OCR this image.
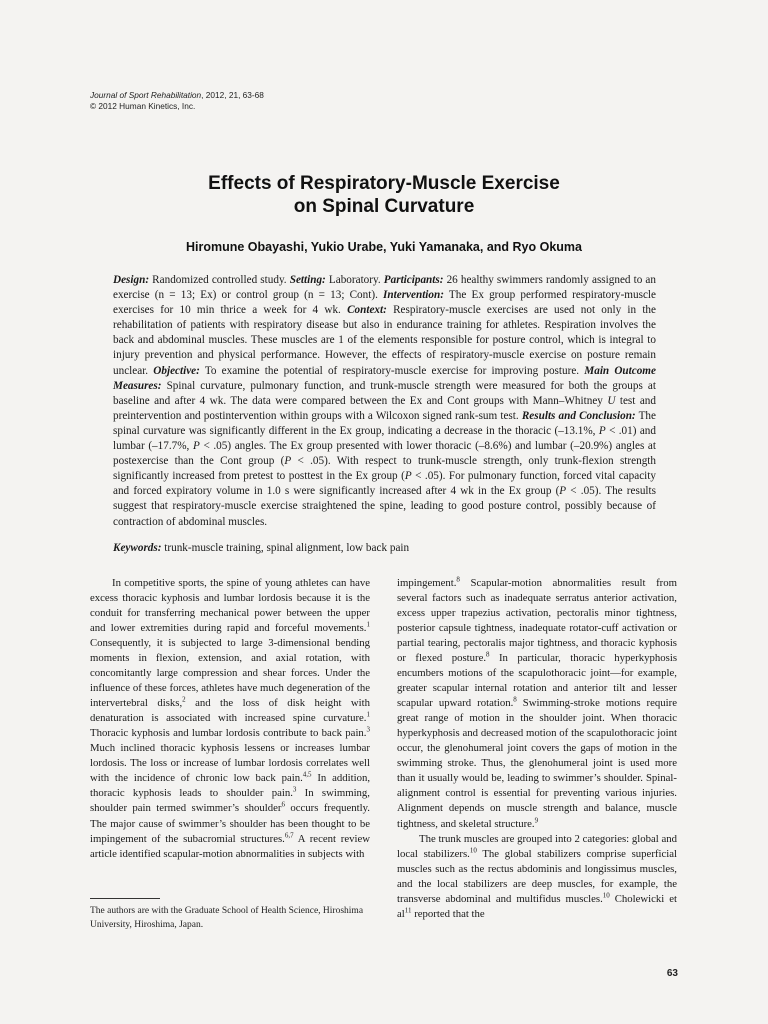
Journal of Sport Rehabilitation, 2012, 21, 63-68
© 2012 Human Kinetics, Inc.
Effects of Respiratory-Muscle Exercise
on Spinal Curvature
Hiromune Obayashi, Yukio Urabe, Yuki Yamanaka, and Ryo Okuma
Design: Randomized controlled study. Setting: Laboratory. Participants: 26 healthy swimmers randomly assigned to an exercise (n = 13; Ex) or control group (n = 13; Cont). Intervention: The Ex group performed respiratory-muscle exercises for 10 min thrice a week for 4 wk. Context: Respiratory-muscle exercises are used not only in the rehabilitation of patients with respiratory disease but also in endurance training for athletes. Respiration involves the back and abdominal muscles. These muscles are 1 of the elements responsible for posture control, which is integral to injury prevention and physical performance. However, the effects of respiratory-muscle exercise on posture remain unclear. Objective: To examine the potential of respiratory-muscle exercise for improving posture. Main Outcome Measures: Spinal curvature, pulmonary function, and trunk-muscle strength were measured for both the groups at baseline and after 4 wk. The data were compared between the Ex and Cont groups with Mann–Whitney U test and preintervention and postintervention within groups with a Wilcoxon signed rank-sum test. Results and Conclusion: The spinal curvature was significantly different in the Ex group, indicating a decrease in the thoracic (–13.1%, P < .01) and lumbar (–17.7%, P < .05) angles. The Ex group presented with lower thoracic (–8.6%) and lumbar (–20.9%) angles at postexercise than the Cont group (P < .05). With respect to trunk-muscle strength, only trunk-flexion strength significantly increased from pretest to posttest in the Ex group (P < .05). For pulmonary function, forced vital capacity and forced expiratory volume in 1.0 s were significantly increased after 4 wk in the Ex group (P < .05). The results suggest that respiratory-muscle exercise straightened the spine, leading to good posture control, possibly because of contraction of abdominal muscles.
Keywords: trunk-muscle training, spinal alignment, low back pain

In competitive sports, the spine of young athletes can have excess thoracic kyphosis and lumbar lordosis because it is the conduit for transferring mechanical power between the upper and lower extremities during rapid and forceful movements.$^1$ Consequently, it is subjected to large 3-dimensional bending moments in flexion, extension, and axial rotation, with concomitantly large compression and shear forces. Under the influence of these forces, athletes have much degeneration of the intervertebral disks,$^2$ and the loss of disk height with denaturation is associated with increased spine curvature.$^1$ Thoracic kyphosis and lumbar lordosis contribute to back pain.$^3$ Much inclined thoracic kyphosis lessens or increases lumbar lordosis. The loss or increase of lumbar lordosis correlates well with the incidence of chronic low back pain.$^{4,5}$ In addition, thoracic kyphosis leads to shoulder pain.$^3$ In swimming, shoulder pain termed swimmer’s shoulder$^6$ occurs frequently. The major cause of swimmer’s shoulder has been thought to be impingement of the subacromial structures.$^{6,7}$ A recent review article identified scapular-motion abnormalities in subjects with

impingement.$^8$ Scapular-motion abnormalities result from several factors such as inadequate serratus anterior activation, excess upper trapezius activation, pectoralis minor tightness, posterior capsule tightness, inadequate rotator-cuff activation or partial tearing, pectoralis major tightness, and thoracic kyphosis or flexed posture.$^8$ In particular, thoracic hyperkyphosis encumbers motions of the scapulothoracic joint—for example, greater scapular internal rotation and anterior tilt and lesser scapular upward rotation.$^8$ Swimming-stroke motions require great range of motion in the shoulder joint. When thoracic hyperkyphosis and decreased motion of the scapulothoracic joint occur, the glenohumeral joint covers the gaps of motion in the swimming stroke. Thus, the glenohumeral joint is used more than it usually would be, leading to swimmer’s shoulder. Spinal-alignment control is essential for preventing various injuries. Alignment depends on muscle strength and balance, muscle tightness, and skeletal structure.$^9$

The trunk muscles are grouped into 2 categories: global and local stabilizers.$^{10}$ The global stabilizers comprise superficial muscles such as the rectus abdominis and longissimus muscles, and the local stabilizers are deep muscles, for example, the transverse abdominal and multifidus muscles.$^{10}$ Cholewicki et $al^{11}$ reported that the

The authors are with the Graduate School of Health Science, Hiroshima University, Hiroshima, Japan.
63
